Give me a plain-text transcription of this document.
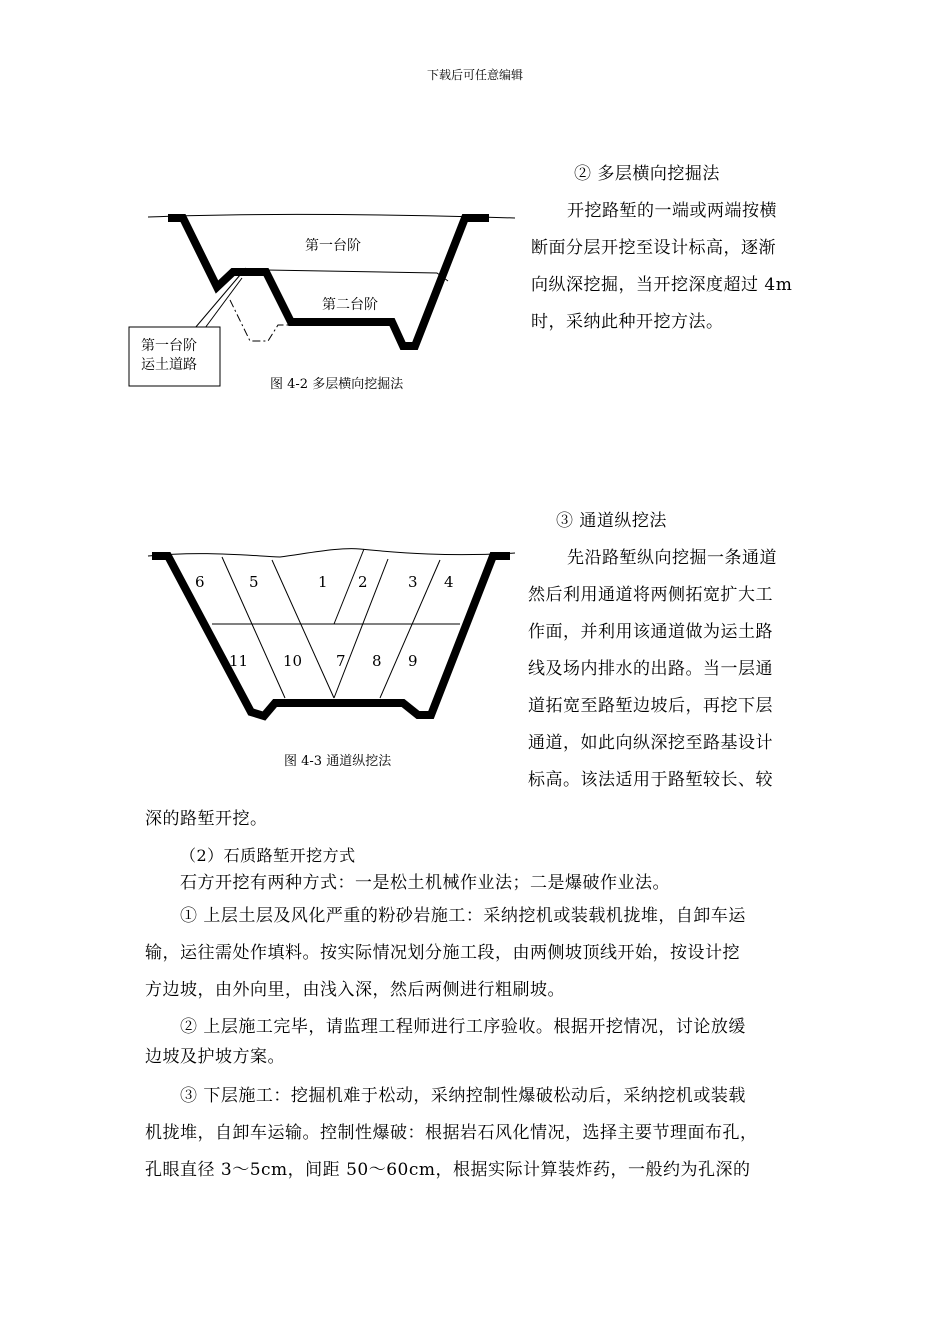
下载后可任意编辑
第一台阶
第二台阶
第一台阶
运土道路
图 4-2 多层横向挖掘法
② 多层横向挖掘法
开挖路堑的一端或两端按横
断面分层开挖至设计标高，逐渐
向纵深挖掘，当开挖深度超过 4m
时，采纳此种开挖方法。
6	5	1 2	3 4
11 10 7 8 9
图 4-3 通道纵挖法
③ 通道纵挖法
先沿路堑纵向挖掘一条通道
然后利用通道将两侧拓宽扩大工
作面，并利用该通道做为运土路
线及场内排水的出路。当一层通
道拓宽至路堑边坡后，再挖下层
通道，如此向纵深挖至路基设计
标高。该法适用于路堑较长、较
深的路堑开挖。
（2）石质路堑开挖方式
石方开挖有两种方式：一是松土机械作业法；二是爆破作业法。
① 上层土层及风化严重的粉砂岩施工：采纳挖机或装载机拢堆，自卸车运
输，运往需处作填料。按实际情况划分施工段，由两侧坡顶线开始，按设计挖
方边坡，由外向里，由浅入深，然后两侧进行粗刷坡。
② 上层施工完毕，请监理工程师进行工序验收。根据开挖情况，讨论放缓
边坡及护坡方案。
③ 下层施工：挖掘机难于松动，采纳控制性爆破松动后，采纳挖机或装载
机拢堆，自卸车运输。控制性爆破：根据岩石风化情况，选择主要节理面布孔，
孔眼直径 3～5cm，间距 50～60cm，根据实际计算装炸药，一般约为孔深的
